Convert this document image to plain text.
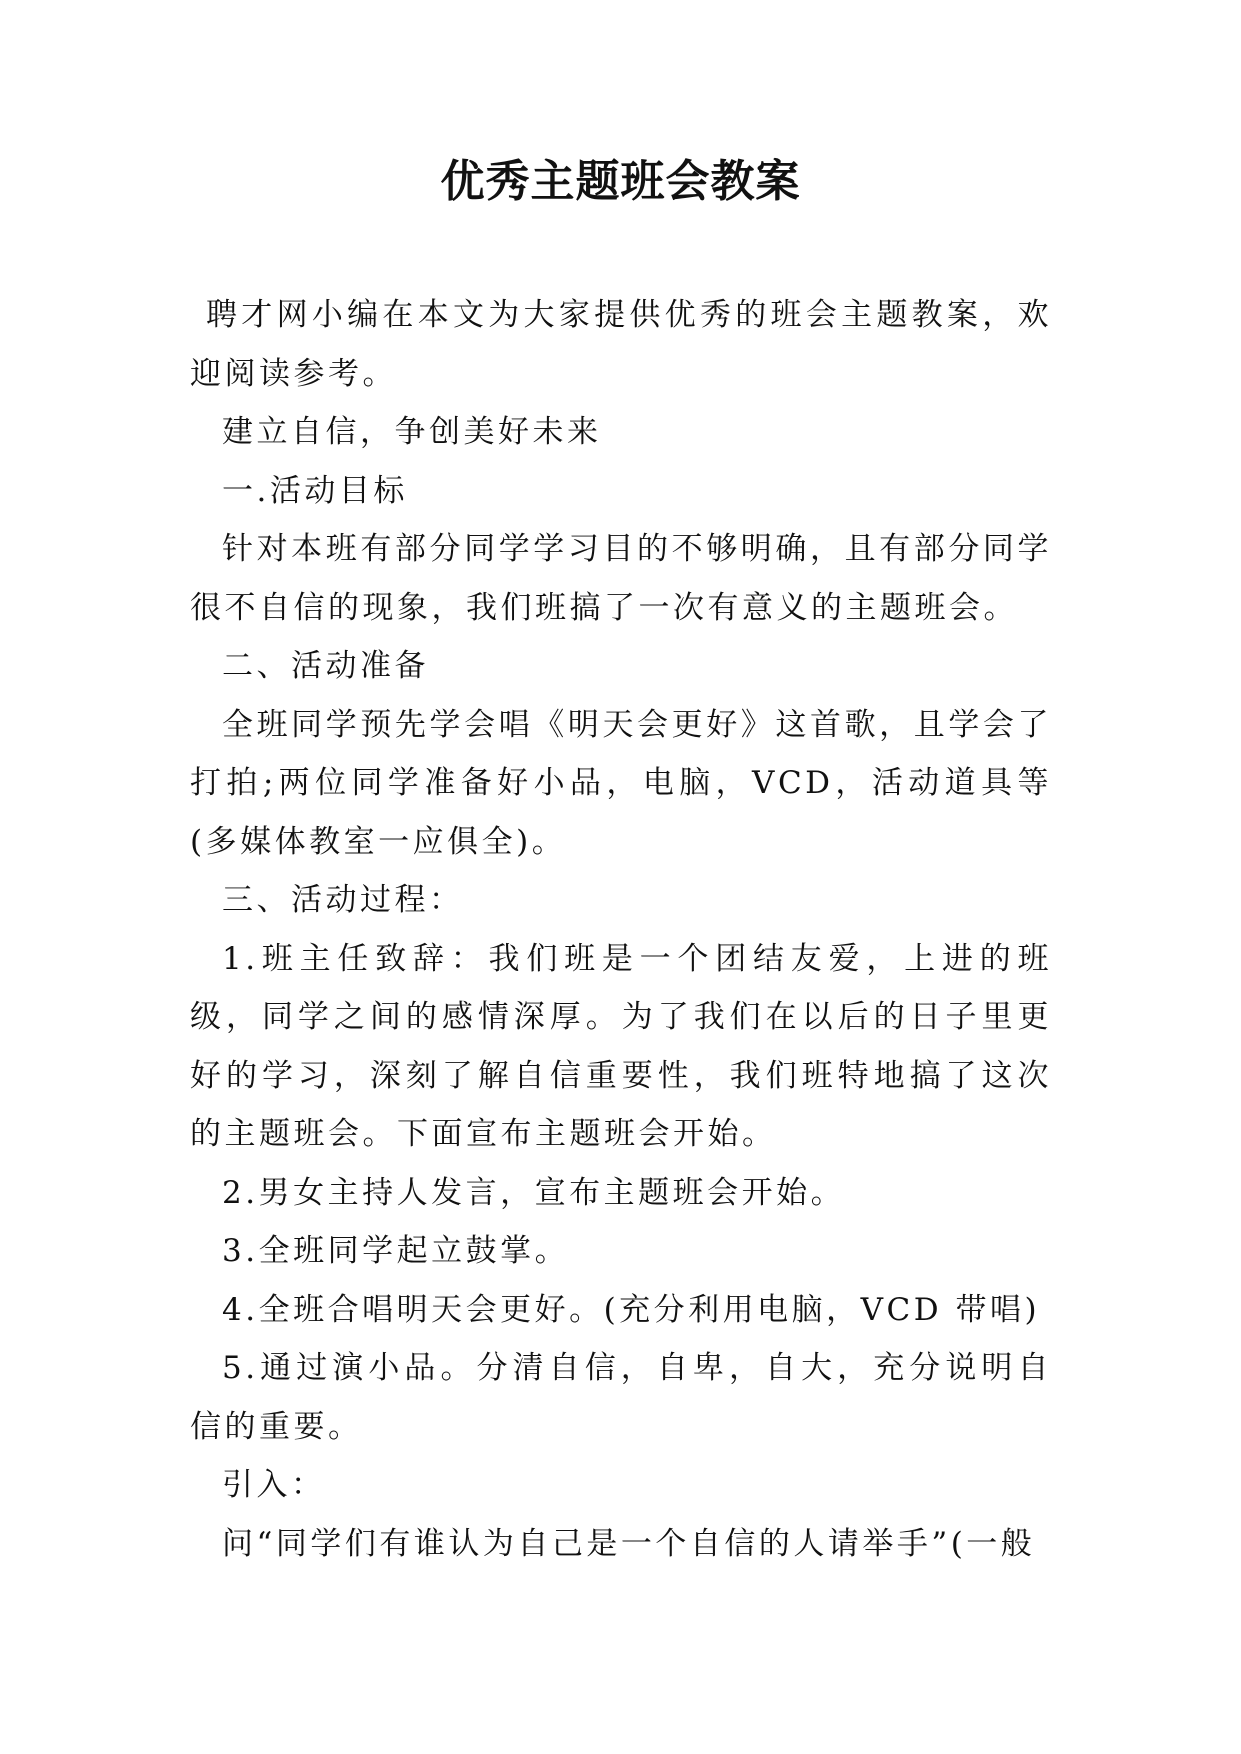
优秀主题班会教案

聘才网小编在本文为大家提供优秀的班会主题教案，欢迎阅读参考。

建立自信，争创美好未来

一.活动目标

针对本班有部分同学学习目的不够明确，且有部分同学很不自信的现象，我们班搞了一次有意义的主题班会。

二、活动准备

全班同学预先学会唱《明天会更好》这首歌，且学会了打拍;两位同学准备好小品，电脑，VCD，活动道具等(多媒体教室一应俱全)。

三、活动过程：

1.班主任致辞：我们班是一个团结友爱，上进的班级，同学之间的感情深厚。为了我们在以后的日子里更好的学习，深刻了解自信重要性，我们班特地搞了这次的主题班会。下面宣布主题班会开始。

2.男女主持人发言，宣布主题班会开始。

3.全班同学起立鼓掌。

4.全班合唱明天会更好。(充分利用电脑，VCD 带唱)

5.通过演小品。分清自信，自卑，自大，充分说明自信的重要。

引入：

问“同学们有谁认为自己是一个自信的人请举手”(一般
